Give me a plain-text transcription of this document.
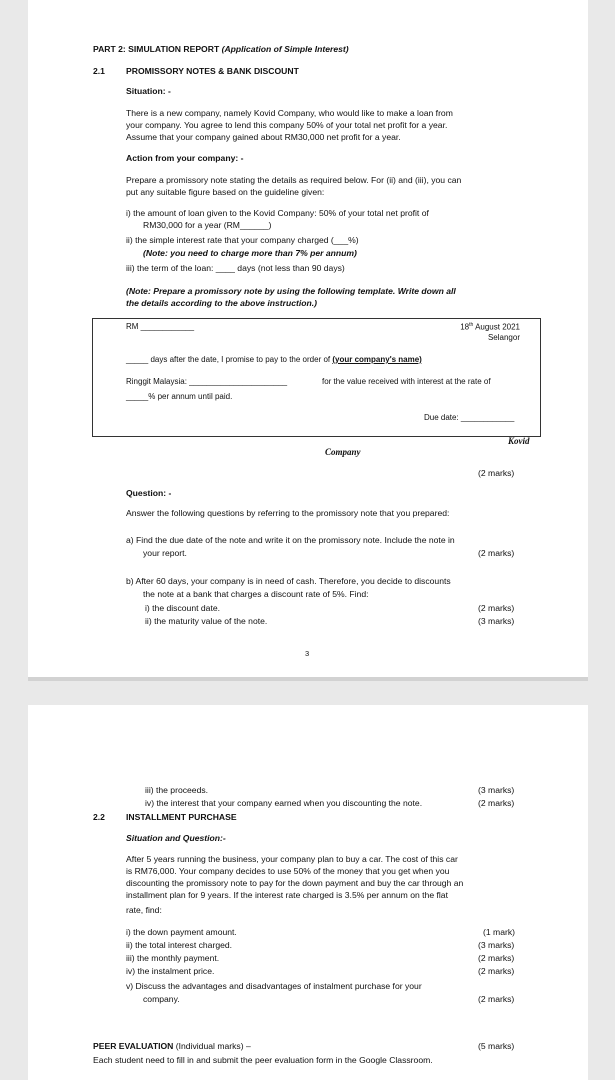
PART 2: SIMULATION REPORT (Application of Simple Interest)
2.1 PROMISSORY NOTES & BANK DISCOUNT
Situation: -
There is a new company, namely Kovid Company, who would like to make a loan from
your company. You agree to lend this company 50% of your total net profit for a year.
Assume that your company gained about RM30,000 net profit for a year.
Action from your company: -
Prepare a promissory note stating the details as required below. For (ii) and (iii), you can
put any suitable figure based on the guideline given:
i) the amount of loan given to the Kovid Company: 50% of your total net profit of
RM30,000 for a year (RM______)
ii) the simple interest rate that your company charged (___%)
(Note: you need to charge more than 7% per annum)
iii) the term of the loan: ____ days (not less than 90 days)
(Note: Prepare a promissory note by using the following template. Write down all
the details according to the above instruction.)
RM ____________	18th August 2021
Selangor
_____ days after the date, I promise to pay to the order of (your company's name)
Ringgit Malaysia: ______________________	for the value received with interest at the rate of
_____% per annum until paid.
Due date: ____________
Kovid
Company
(2 marks)
Question: -
Answer the following questions by referring to the promissory note that you prepared:
a) Find the due date of the note and write it on the promissory note. Include the note in
your report.	(2 marks)
b) After 60 days, your company is in need of cash. Therefore, you decide to discounts
the note at a bank that charges a discount rate of 5%. Find:
i) the discount date.	(2 marks)
ii) the maturity value of the note.	(3 marks)
3
iii) the proceeds.	(3 marks)
iv) the interest that your company earned when you discounting the note.	(2 marks)
2.2 INSTALLMENT PURCHASE
Situation and Question:-
After 5 years running the business, your company plan to buy a car. The cost of this car
is RM76,000. Your company decides to use 50% of the money that you get when you
discounting the promissory note to pay for the down payment and buy the car through an
installment plan for 9 years. If the interest rate charged is 3.5% per annum on the flat
rate, find:
i) the down payment amount.	(1 mark)
ii) the total interest charged.	(3 marks)
iii) the monthly payment.	(2 marks)
iv) the instalment price.	(2 marks)
v) Discuss the advantages and disadvantages of instalment purchase for your
company.	(2 marks)
PEER EVALUATION (Individual marks) –	(5 marks)
Each student need to fill in and submit the peer evaluation form in the Google Classroom.
